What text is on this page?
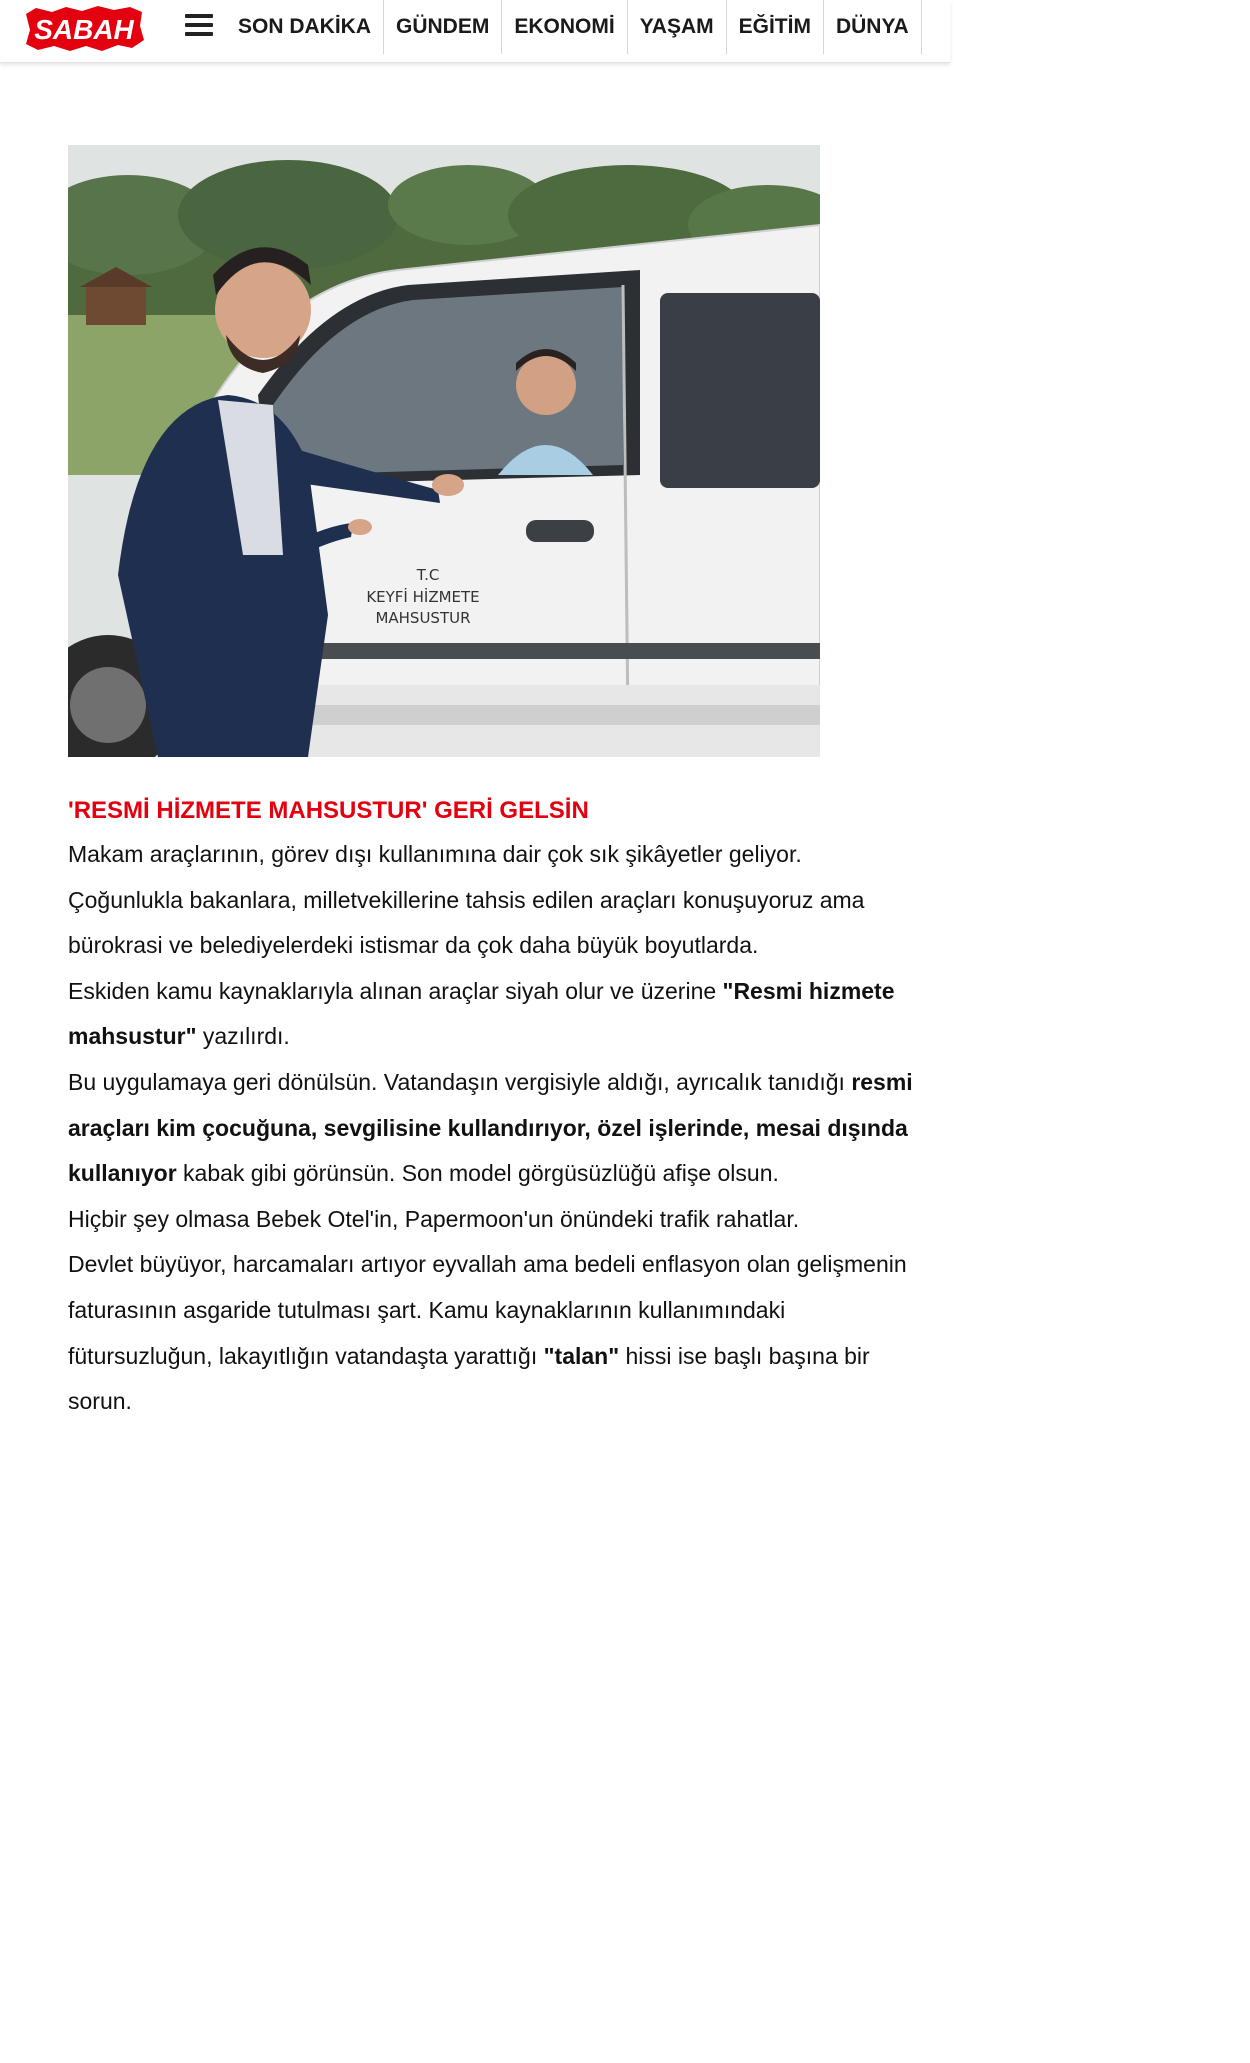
SABAH	SON DAKİKA	GÜNDEM	EKONOMİ	YAŞAM	EĞİTİM	DÜNYA
T.C
KEYFİ HİZMETE
MAHSUSTUR
'RESMİ HİZMETE MAHSUSTUR' GERİ GELSİN

Makam araçlarının, görev dışı kullanımına dair çok sık şikâyetler geliyor. Çoğunlukla bakanlara, milletvekillerine tahsis edilen araçları konuşuyoruz ama bürokrasi ve belediyelerdeki istismar da çok daha büyük boyutlarda.

Eskiden kamu kaynaklarıyla alınan araçlar siyah olur ve üzerine "Resmi hizmete mahsustur" yazılırdı.

Bu uygulamaya geri dönülsün. Vatandaşın vergisiyle aldığı, ayrıcalık tanıdığı resmi araçları kim çocuğuna, sevgilisine kullandırıyor, özel işlerinde, mesai dışında kullanıyor kabak gibi görünsün. Son model görgüsüzlüğü afişe olsun.

Hiçbir şey olmasa Bebek Otel'in, Papermoon'un önündeki trafik rahatlar.

Devlet büyüyor, harcamaları artıyor eyvallah ama bedeli enflasyon olan gelişmenin faturasının asgaride tutulması şart. Kamu kaynaklarının kullanımındaki fütursuzluğun, lakayıtlığın vatandaşta yarattığı "talan" hissi ise başlı başına bir sorun.
